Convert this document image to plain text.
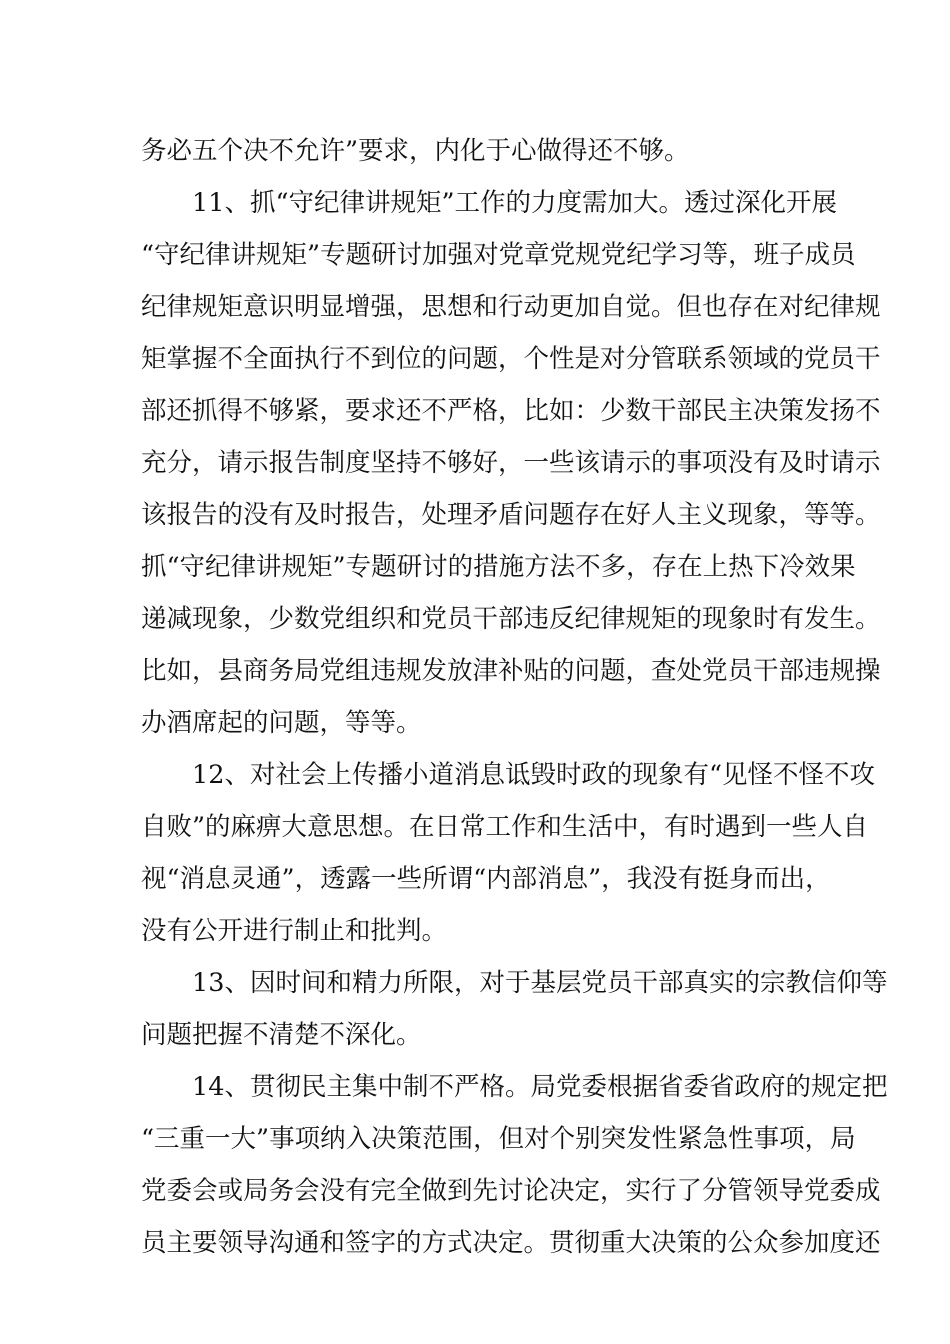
务必五个决不允许”要求，内化于心做得还不够。
11、抓“守纪律讲规矩”工作的力度需加大。透过深化开展
“守纪律讲规矩”专题研讨加强对党章党规党纪学习等，班子成员
纪律规矩意识明显增强，思想和行动更加自觉。但也存在对纪律规
矩掌握不全面执行不到位的问题，个性是对分管联系领域的党员干
部还抓得不够紧，要求还不严格，比如：少数干部民主决策发扬不
充分，请示报告制度坚持不够好，一些该请示的事项没有及时请示
该报告的没有及时报告，处理矛盾问题存在好人主义现象，等等。
抓“守纪律讲规矩”专题研讨的措施方法不多，存在上热下冷效果
递减现象，少数党组织和党员干部违反纪律规矩的现象时有发生。
比如，县商务局党组违规发放津补贴的问题，查处党员干部违规操
办酒席起的问题，等等。
12、对社会上传播小道消息诋毁时政的现象有“见怪不怪不攻
自败”的麻痹大意思想。在日常工作和生活中，有时遇到一些人自
视“消息灵通”，透露一些所谓“内部消息”，我没有挺身而出，
没有公开进行制止和批判。
13、因时间和精力所限，对于基层党员干部真实的宗教信仰等
问题把握不清楚不深化。
14、贯彻民主集中制不严格。局党委根据省委省政府的规定把
“三重一大”事项纳入决策范围，但对个别突发性紧急性事项，局
党委会或局务会没有完全做到先讨论决定，实行了分管领导党委成
员主要领导沟通和签字的方式决定。贯彻重大决策的公众参加度还
